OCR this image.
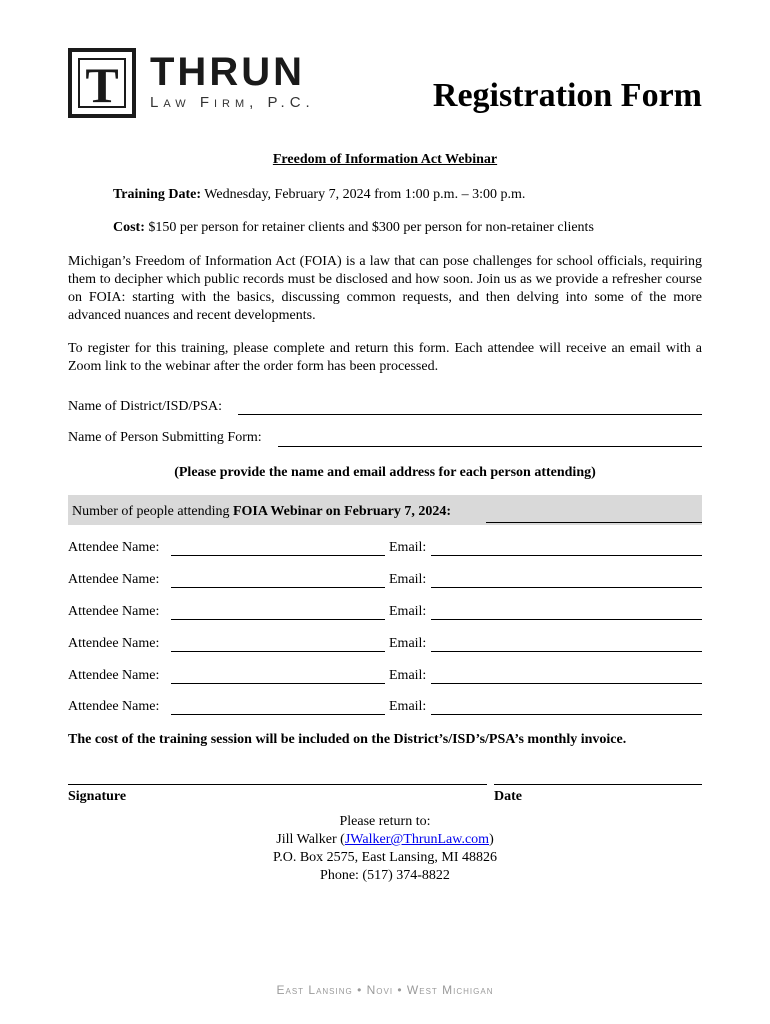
T THRUN
Law Firm, P.C.	Registration Form
Freedom of Information Act Webinar
Training Date: Wednesday, February 7, 2024 from 1:00 p.m. – 3:00 p.m.
Cost: $150 per person for retainer clients and $300 per person for non-retainer clients
Michigan’s Freedom of Information Act (FOIA) is a law that can pose challenges for school officials, requiring them to decipher which public records must be disclosed and how soon. Join us as we provide a refresher course on FOIA: starting with the basics, discussing common requests, and then delving into some of the more advanced nuances and recent developments.
To register for this training, please complete and return this form. Each attendee will receive an email with a Zoom link to the webinar after the order form has been processed.
Name of District/ISD/PSA:
Name of Person Submitting Form:
(Please provide the name and email address for each person attending)
Number of people attending FOIA Webinar on February 7, 2024:
Attendee Name:	Email:
Attendee Name:	Email:
Attendee Name:	Email:
Attendee Name:	Email:
Attendee Name:	Email:
Attendee Name:	Email:
The cost of the training session will be included on the District’s/ISD’s/PSA’s monthly invoice.
Signature	Date
Please return to:
Jill Walker (JWalker@ThrunLaw.com)
P.O. Box 2575, East Lansing, MI 48826
Phone: (517) 374-8822
East Lansing • Novi • West Michigan
